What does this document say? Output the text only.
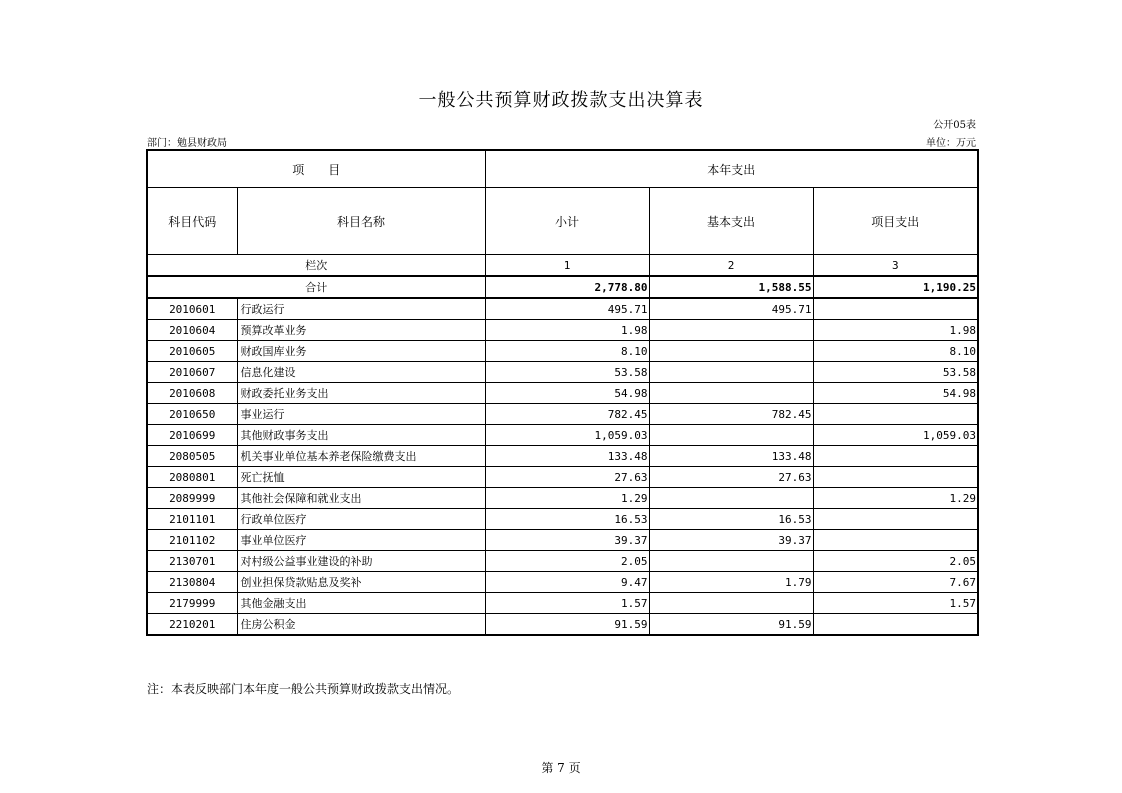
一般公共预算财政拨款支出决算表
公开05表
部门：勉县财政局	单位：万元
项　　目		本年支出		
科目代码	科目名称	小计	基本支出	项目支出
栏次		1	2	3
合计		2,778.80	1,588.55	1,190.25
2010601	行政运行	495.71	495.71	
2010604	预算改革业务	1.98		1.98
2010605	财政国库业务	8.10		8.10
2010607	信息化建设	53.58		53.58
2010608	财政委托业务支出	54.98		54.98
2010650	事业运行	782.45	782.45	
2010699	其他财政事务支出	1,059.03		1,059.03
2080505	机关事业单位基本养老保险缴费支出	133.48	133.48	
2080801	死亡抚恤	27.63	27.63	
2089999	其他社会保障和就业支出	1.29		1.29
2101101	行政单位医疗	16.53	16.53	
2101102	事业单位医疗	39.37	39.37	
2130701	对村级公益事业建设的补助	2.05		2.05
2130804	创业担保贷款贴息及奖补	9.47	1.79	7.67
2179999	其他金融支出	1.57		1.57
2210201	住房公积金	91.59	91.59	
注：本表反映部门本年度一般公共预算财政拨款支出情况。
第 7 页
